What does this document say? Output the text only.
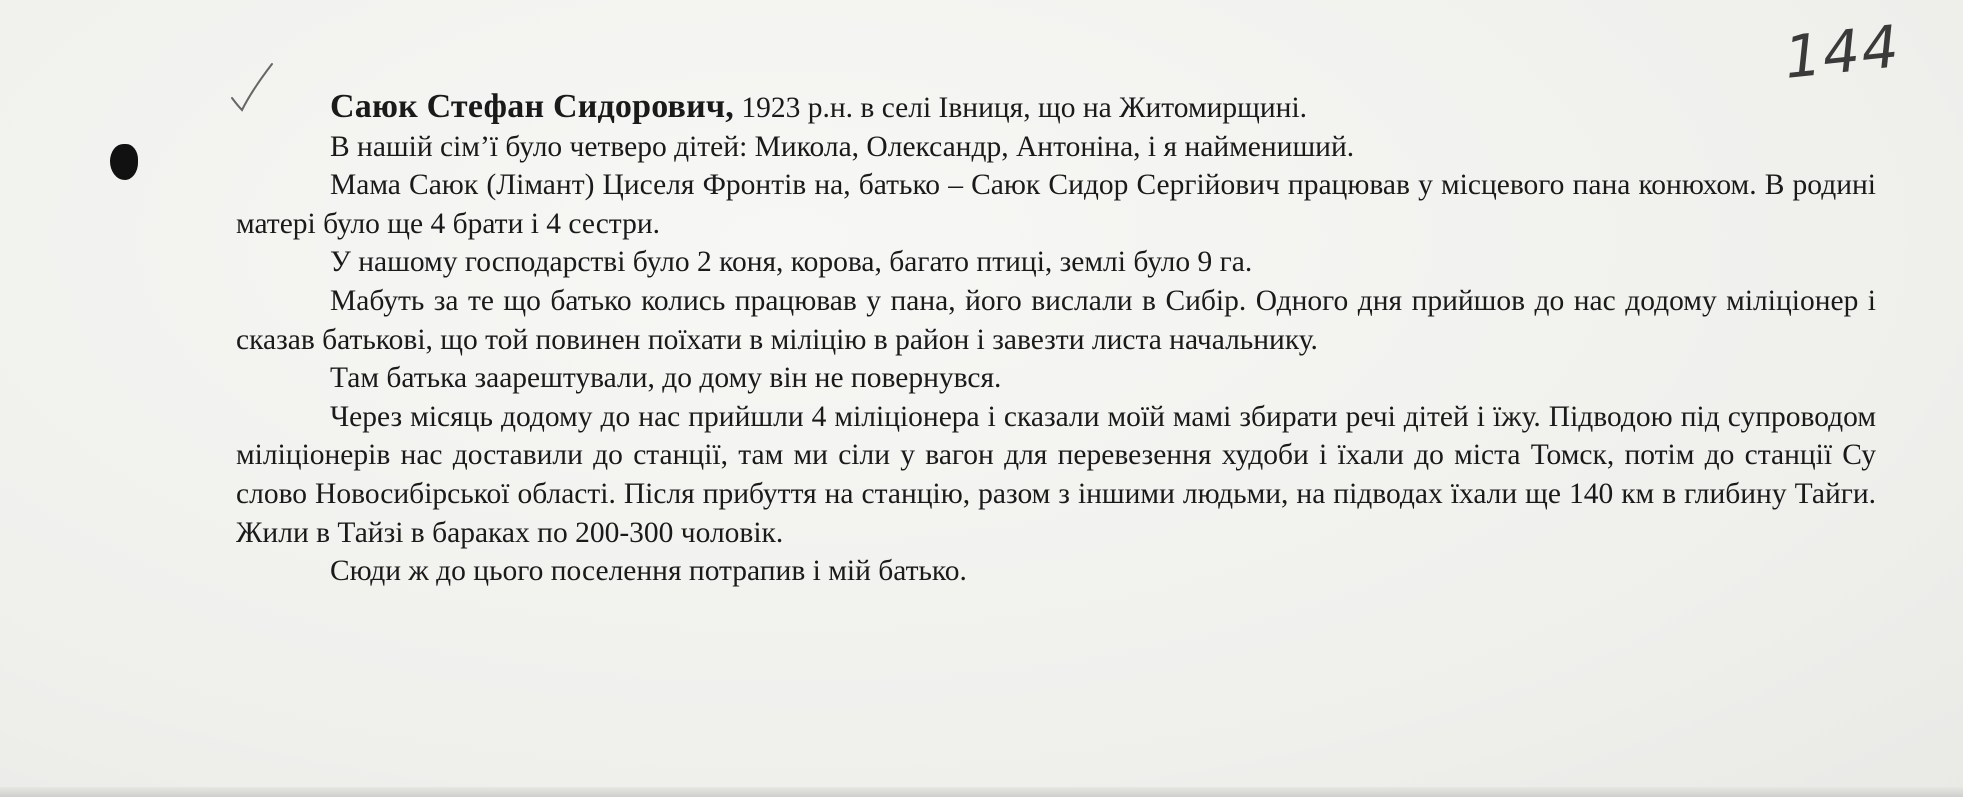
144

Саюк Стефан Сидорович, 1923 р.н. в селі Івниця, що на Житомирщині.

В нашій сім’ї було четверо дітей: Микола, Олександр, Антоніна, і я наймениший.

Мама Саюк (Лімант) Циселя Фронтів на, батько – Саюк Сидор Сергійович працював у місцевого пана конюхом. В родині матері було ще 4 брати і 4 сестри.

У нашому господарстві було 2 коня, корова, багато птиці, землі було 9 га.

Мабуть за те що батько колись працював у пана, його вислали в Сибір. Одного дня прийшов до нас додому міліціонер і сказав батькові, що той повинен поїхати в міліцію в район і завезти листа начальнику.

Там батька заарештували, до дому він не повернувся.

Через місяць додому до нас прийшли 4 міліціонера і сказали моїй мамі збирати речі дітей і їжу. Підводою під супроводом міліціонерів нас доставили до станції, там ми сіли у вагон для перевезення худоби і їхали до міста Томск, потім до станції Су слово Новосибірської області. Після прибуття на станцію, разом з іншими людьми, на підводах їхали ще 140 км в глибину Тайги. Жили в Тайзі в бараках по 200-300 чоловік.

Сюди ж до цього поселення потрапив і мій батько.
